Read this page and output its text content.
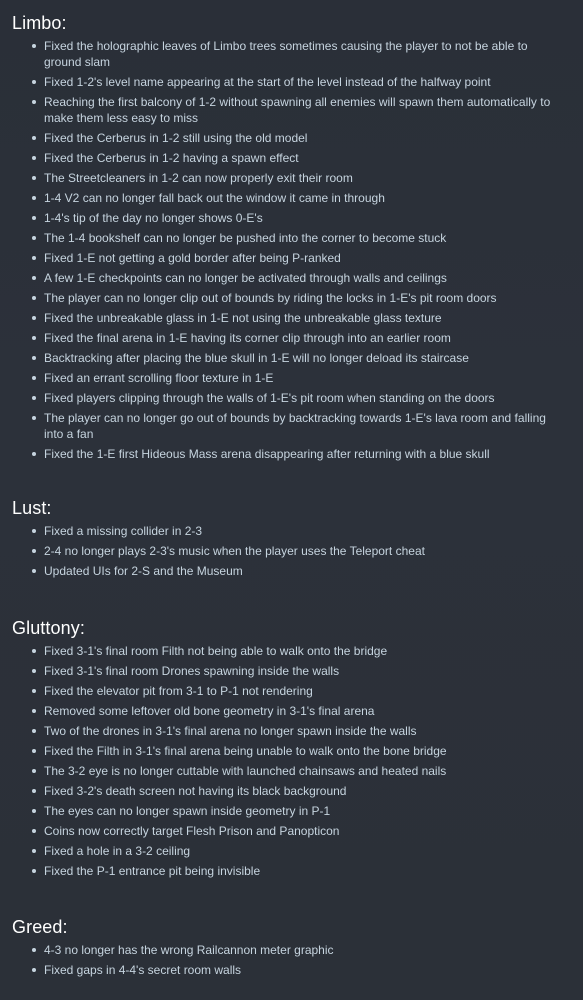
Limbo:
Fixed the holographic leaves of Limbo trees sometimes causing the player to not be able to ground slam
Fixed 1-2's level name appearing at the start of the level instead of the halfway point
Reaching the first balcony of 1-2 without spawning all enemies will spawn them automatically to make them less easy to miss
Fixed the Cerberus in 1-2 still using the old model
Fixed the Cerberus in 1-2 having a spawn effect
The Streetcleaners in 1-2 can now properly exit their room
1-4 V2 can no longer fall back out the window it came in through
1-4's tip of the day no longer shows 0-E's
The 1-4 bookshelf can no longer be pushed into the corner to become stuck
Fixed 1-E not getting a gold border after being P-ranked
A few 1-E checkpoints can no longer be activated through walls and ceilings
The player can no longer clip out of bounds by riding the locks in 1-E's pit room doors
Fixed the unbreakable glass in 1-E not using the unbreakable glass texture
Fixed the final arena in 1-E having its corner clip through into an earlier room
Backtracking after placing the blue skull in 1-E will no longer deload its staircase
Fixed an errant scrolling floor texture in 1-E
Fixed players clipping through the walls of 1-E's pit room when standing on the doors
The player can no longer go out of bounds by backtracking towards 1-E's lava room and falling into a fan
Fixed the 1-E first Hideous Mass arena disappearing after returning with a blue skull
Lust:
Fixed a missing collider in 2-3
2-4 no longer plays 2-3's music when the player uses the Teleport cheat
Updated UIs for 2-S and the Museum
Gluttony:
Fixed 3-1's final room Filth not being able to walk onto the bridge
Fixed 3-1's final room Drones spawning inside the walls
Fixed the elevator pit from 3-1 to P-1 not rendering
Removed some leftover old bone geometry in 3-1's final arena
Two of the drones in 3-1's final arena no longer spawn inside the walls
Fixed the Filth in 3-1's final arena being unable to walk onto the bone bridge
The 3-2 eye is no longer cuttable with launched chainsaws and heated nails
Fixed 3-2's death screen not having its black background
The eyes can no longer spawn inside geometry in P-1
Coins now correctly target Flesh Prison and Panopticon
Fixed a hole in a 3-2 ceiling
Fixed the P-1 entrance pit being invisible
Greed:
4-3 no longer has the wrong Railcannon meter graphic
Fixed gaps in 4-4's secret room walls
